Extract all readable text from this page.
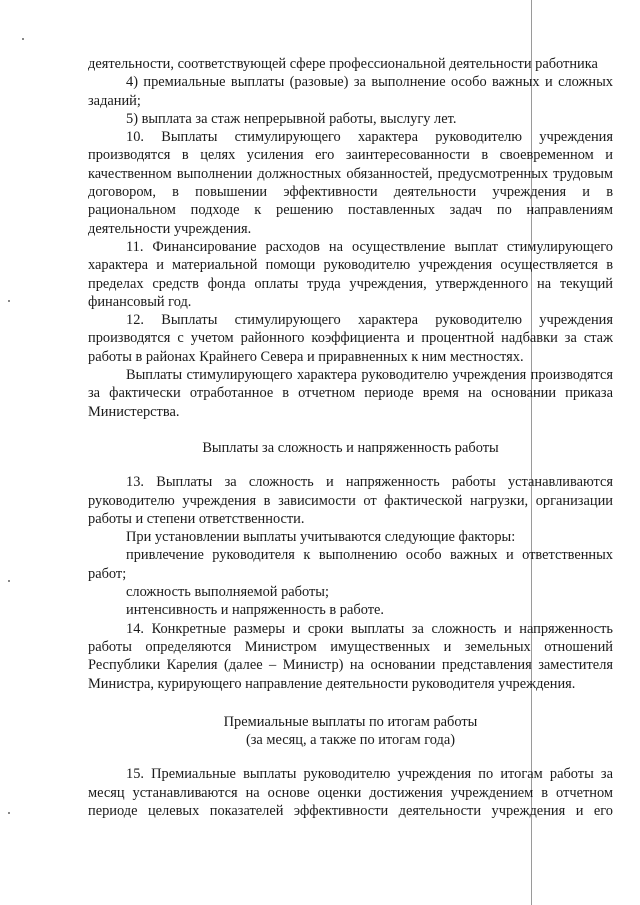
деятельности, соответствующей сфере профессиональной деятельности работника

4) премиальные выплаты (разовые) за выполнение особо важных и сложных заданий;

5) выплата за стаж непрерывной работы, выслугу лет.

10. Выплаты стимулирующего характера руководителю учреждения производятся в целях усиления его заинтересованности в своевременном и качественном выполнении должностных обязанностей, предусмотренных трудовым договором, в повышении эффективности деятельности учреждения и в рациональном подходе к решению поставленных задач по направлениям деятельности учреждения.

11. Финансирование расходов на осуществление выплат стимулирующего характера и материальной помощи руководителю учреждения осуществляется в пределах средств фонда оплаты труда учреждения, утвержденного на текущий финансовый год.

12. Выплаты стимулирующего характера руководителю учреждения производятся с учетом районного коэффициента и процентной надбавки за стаж работы в районах Крайнего Севера и приравненных к ним местностях.

Выплаты стимулирующего характера руководителю учреждения производятся за фактически отработанное в отчетном периоде время на основании приказа Министерства.

Выплаты за сложность и напряженность работы

13. Выплаты за сложность и напряженность работы устанавливаются руководителю учреждения в зависимости от фактической нагрузки, организации работы и степени ответственности.

При установлении выплаты учитываются следующие факторы:

привлечение руководителя к выполнению особо важных и ответственных работ;

сложность выполняемой работы;

интенсивность и напряженность в работе.

14. Конкретные размеры и сроки выплаты за сложность и напряженность работы определяются Министром имущественных и земельных отношений Республики Карелия (далее – Министр) на основании представления заместителя Министра, курирующего направление деятельности руководителя учреждения.

Премиальные выплаты по итогам работы
(за месяц, а также по итогам года)

15. Премиальные выплаты руководителю учреждения по итогам работы за месяц устанавливаются на основе оценки достижения учреждением в отчетном периоде целевых показателей эффективности деятельности учреждения и его
